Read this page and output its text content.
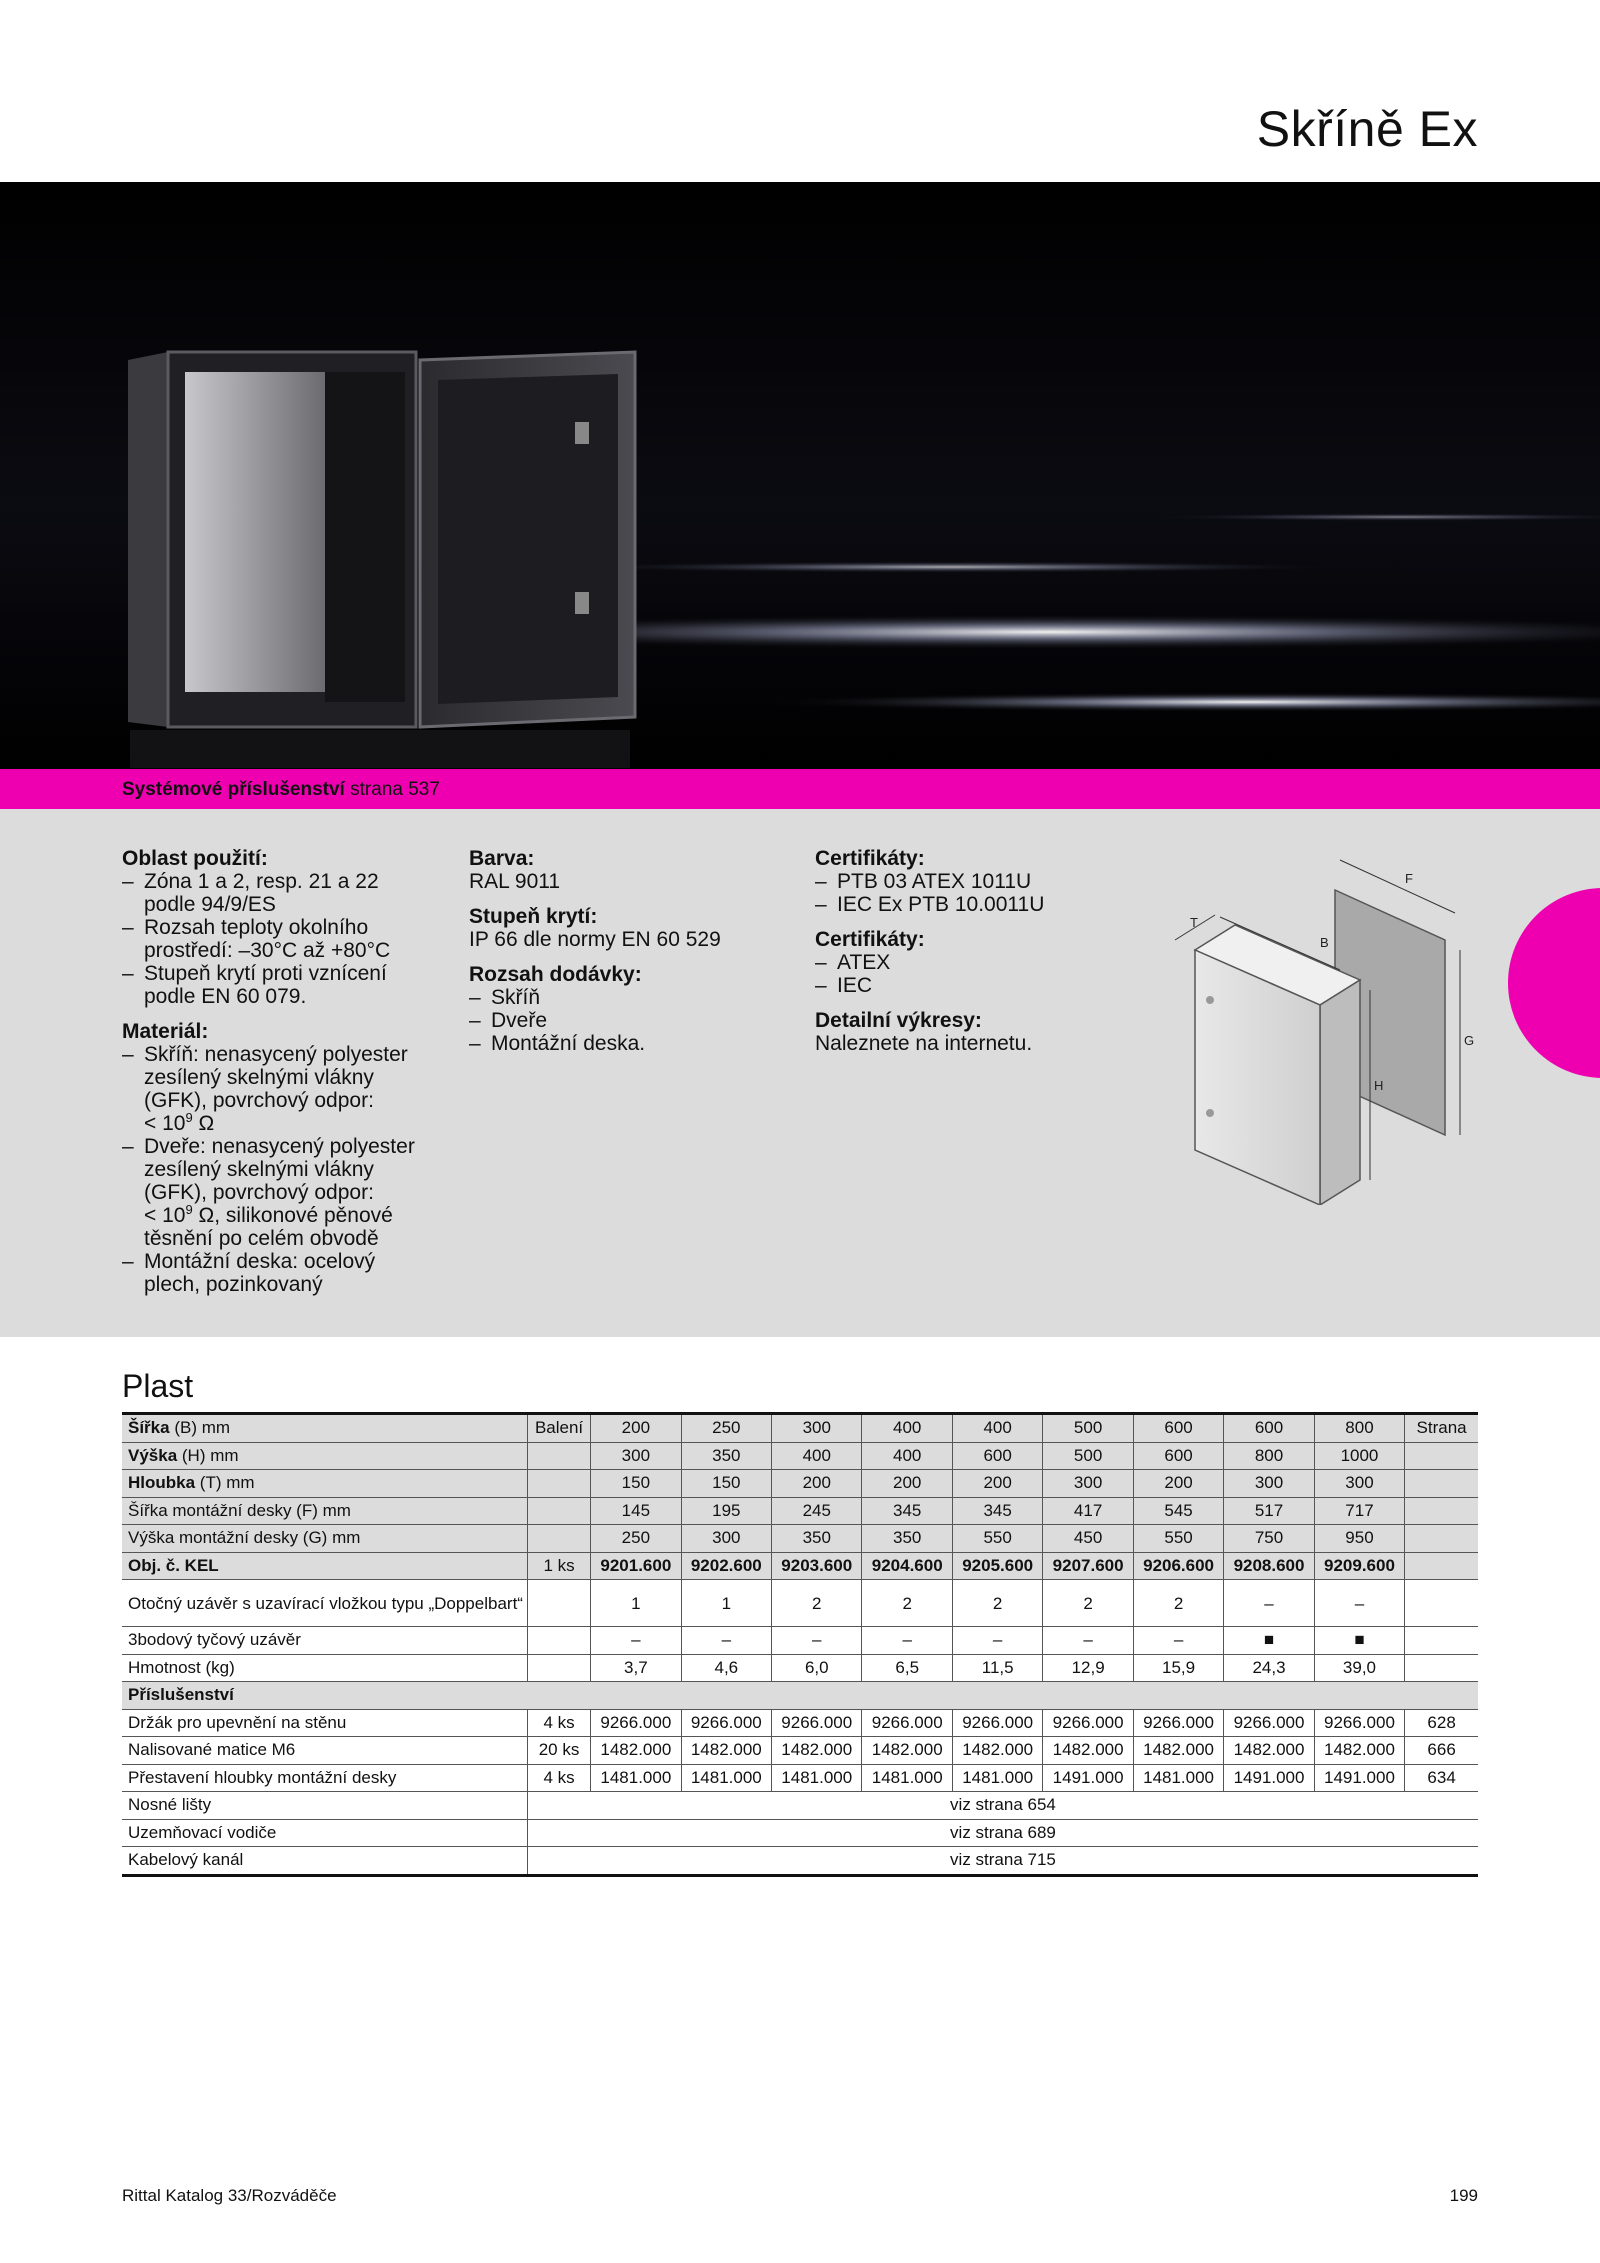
Skříně Ex
Systémové příslušenství strana 537
Oblast použití:
– Zóna 1 a 2, resp. 21 a 22 podle 94/9/ES
– Rozsah teploty okolního prostředí: –30°C až +80°C
– Stupeň krytí proti vznícení podle EN 60 079.
Materiál:
– Skříň: nenasycený polyester zesílený skelnými vlákny (GFK), povrchový odpor:
< $10^9$ Ω
– Dveře: nenasycený polyester zesílený skelnými vlákny (GFK), povrchový odpor:
< $10^9$ Ω, silikonové pěnové těsnění po celém obvodě
– Montážní deska: ocelový plech, pozinkovaný
Barva:

RAL 9011

Stupeň krytí:

IP 66 dle normy EN 60 529

Rozsah dodávky:
– Skříň
– Dveře
– Montážní deska.
Certifikáty:
– PTB 03 ATEX 1011U
– IEC Ex PTB 10.0011U
Certifikáty:
– ATEX
– IEC
Detailní výkresy:

Naleznete na internetu.

T
B
F
H
G
Plast
Šířka (B) mm	Balení	200	250	300	400	400	500	600	600	800	Strana
Výška (H) mm		300	350	400	400	600	500	600	800	1000	
Hloubka (T) mm		150	150	200	200	200	300	200	300	300	
Šířka montážní desky (F) mm		145	195	245	345	345	417	545	517	717	
Výška montážní desky (G) mm		250	300	350	350	550	450	550	750	950	
Obj. č. KEL	1 ks	9201.600	9202.600	9203.600	9204.600	9205.600	9207.600	9206.600	9208.600	9209.600	
Otočný uzávěr s uzavírací vložkou typu „Doppelbart“		1	1	2	2	2	2	2	–	–	
3bodový tyčový uzávěr		–	–	–	–	–	–	–	■	■	
Hmotnost (kg)		3,7	4,6	6,0	6,5	11,5	12,9	15,9	24,3	39,0	
Příslušenství											
Držák pro upevnění na stěnu	4 ks	9266.000	9266.000	9266.000	9266.000	9266.000	9266.000	9266.000	9266.000	9266.000	628
Nalisované matice M6	20 ks	1482.000	1482.000	1482.000	1482.000	1482.000	1482.000	1482.000	1482.000	1482.000	666
Přestavení hloubky montážní desky	4 ks	1481.000	1481.000	1481.000	1481.000	1481.000	1491.000	1481.000	1491.000	1491.000	634
Nosné lišty	viz strana 654										
Uzemňovací vodiče	viz strana 689										
Kabelový kanál	viz strana 715										
Rittal Katalog 33/Rozváděče	199
